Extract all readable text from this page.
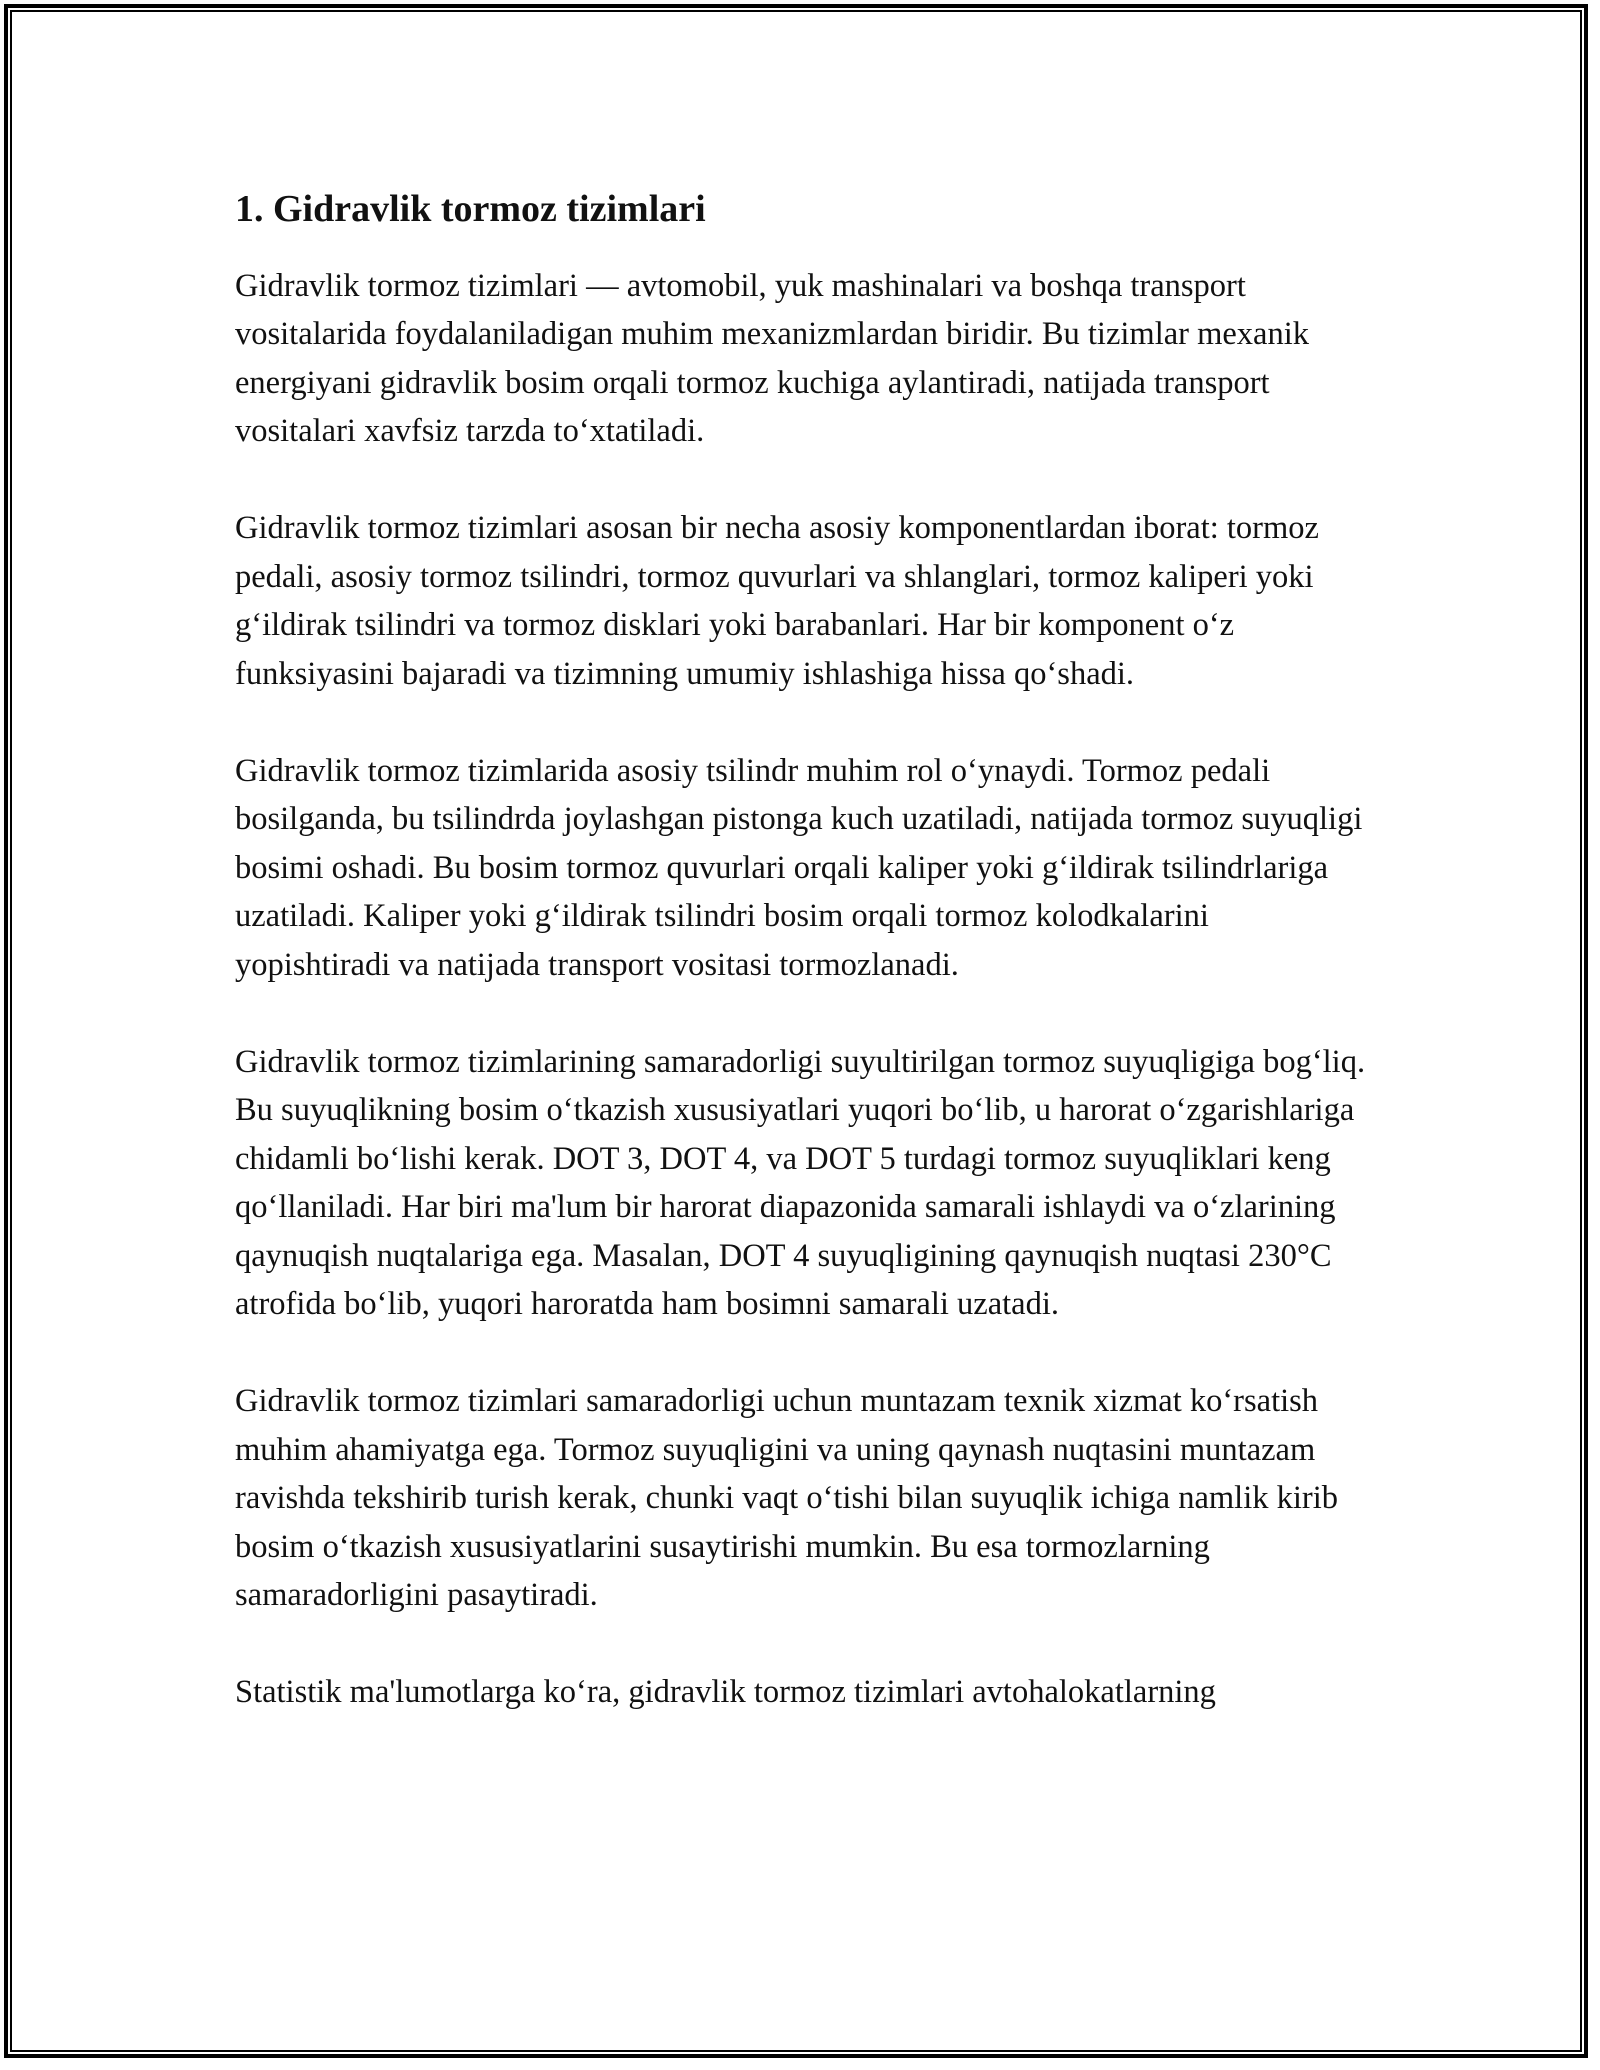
1. Gidravlik tormoz tizimlari

Gidravlik tormoz tizimlari — avtomobil, yuk mashinalari va boshqa transport vositalarida foydalaniladigan muhim mexanizmlardan biridir. Bu tizimlar mexanik energiyani gidravlik bosim orqali tormoz kuchiga aylantiradi, natijada transport vositalari xavfsiz tarzda to‘xtatiladi.

Gidravlik tormoz tizimlari asosan bir necha asosiy komponentlardan iborat: tormoz pedali, asosiy tormoz tsilindri, tormoz quvurlari va shlanglari, tormoz kaliperi yoki g‘ildirak tsilindri va tormoz disklari yoki barabanlari. Har bir komponent o‘z funksiyasini bajaradi va tizimning umumiy ishlashiga hissa qo‘shadi.

Gidravlik tormoz tizimlarida asosiy tsilindr muhim rol o‘ynaydi. Tormoz pedali bosilganda, bu tsilindrda joylashgan pistonga kuch uzatiladi, natijada tormoz suyuqligi bosimi oshadi. Bu bosim tormoz quvurlari orqali kaliper yoki g‘ildirak tsilindrlariga uzatiladi. Kaliper yoki g‘ildirak tsilindri bosim orqali tormoz kolodkalarini yopishtiradi va natijada transport vositasi tormozlanadi.

Gidravlik tormoz tizimlarining samaradorligi suyultirilgan tormoz suyuqligiga bog‘liq. Bu suyuqlikning bosim o‘tkazish xususiyatlari yuqori bo‘lib, u harorat o‘zgarishlariga chidamli bo‘lishi kerak. DOT 3, DOT 4, va DOT 5 turdagi tormoz suyuqliklari keng qo‘llaniladi. Har biri ma'lum bir harorat diapazonida samarali ishlaydi va o‘zlarining qaynuqish nuqtalariga ega. Masalan, DOT 4 suyuqligining qaynuqish nuqtasi 230°C atrofida bo‘lib, yuqori haroratda ham bosimni samarali uzatadi.

Gidravlik tormoz tizimlari samaradorligi uchun muntazam texnik xizmat ko‘rsatish muhim ahamiyatga ega. Tormoz suyuqligini va uning qaynash nuqtasini muntazam ravishda tekshirib turish kerak, chunki vaqt o‘tishi bilan suyuqlik ichiga namlik kirib bosim o‘tkazish xususiyatlarini susaytirishi mumkin. Bu esa tormozlarning samaradorligini pasaytiradi.

Statistik ma'lumotlarga ko‘ra, gidravlik tormoz tizimlari avtohalokatlarning
